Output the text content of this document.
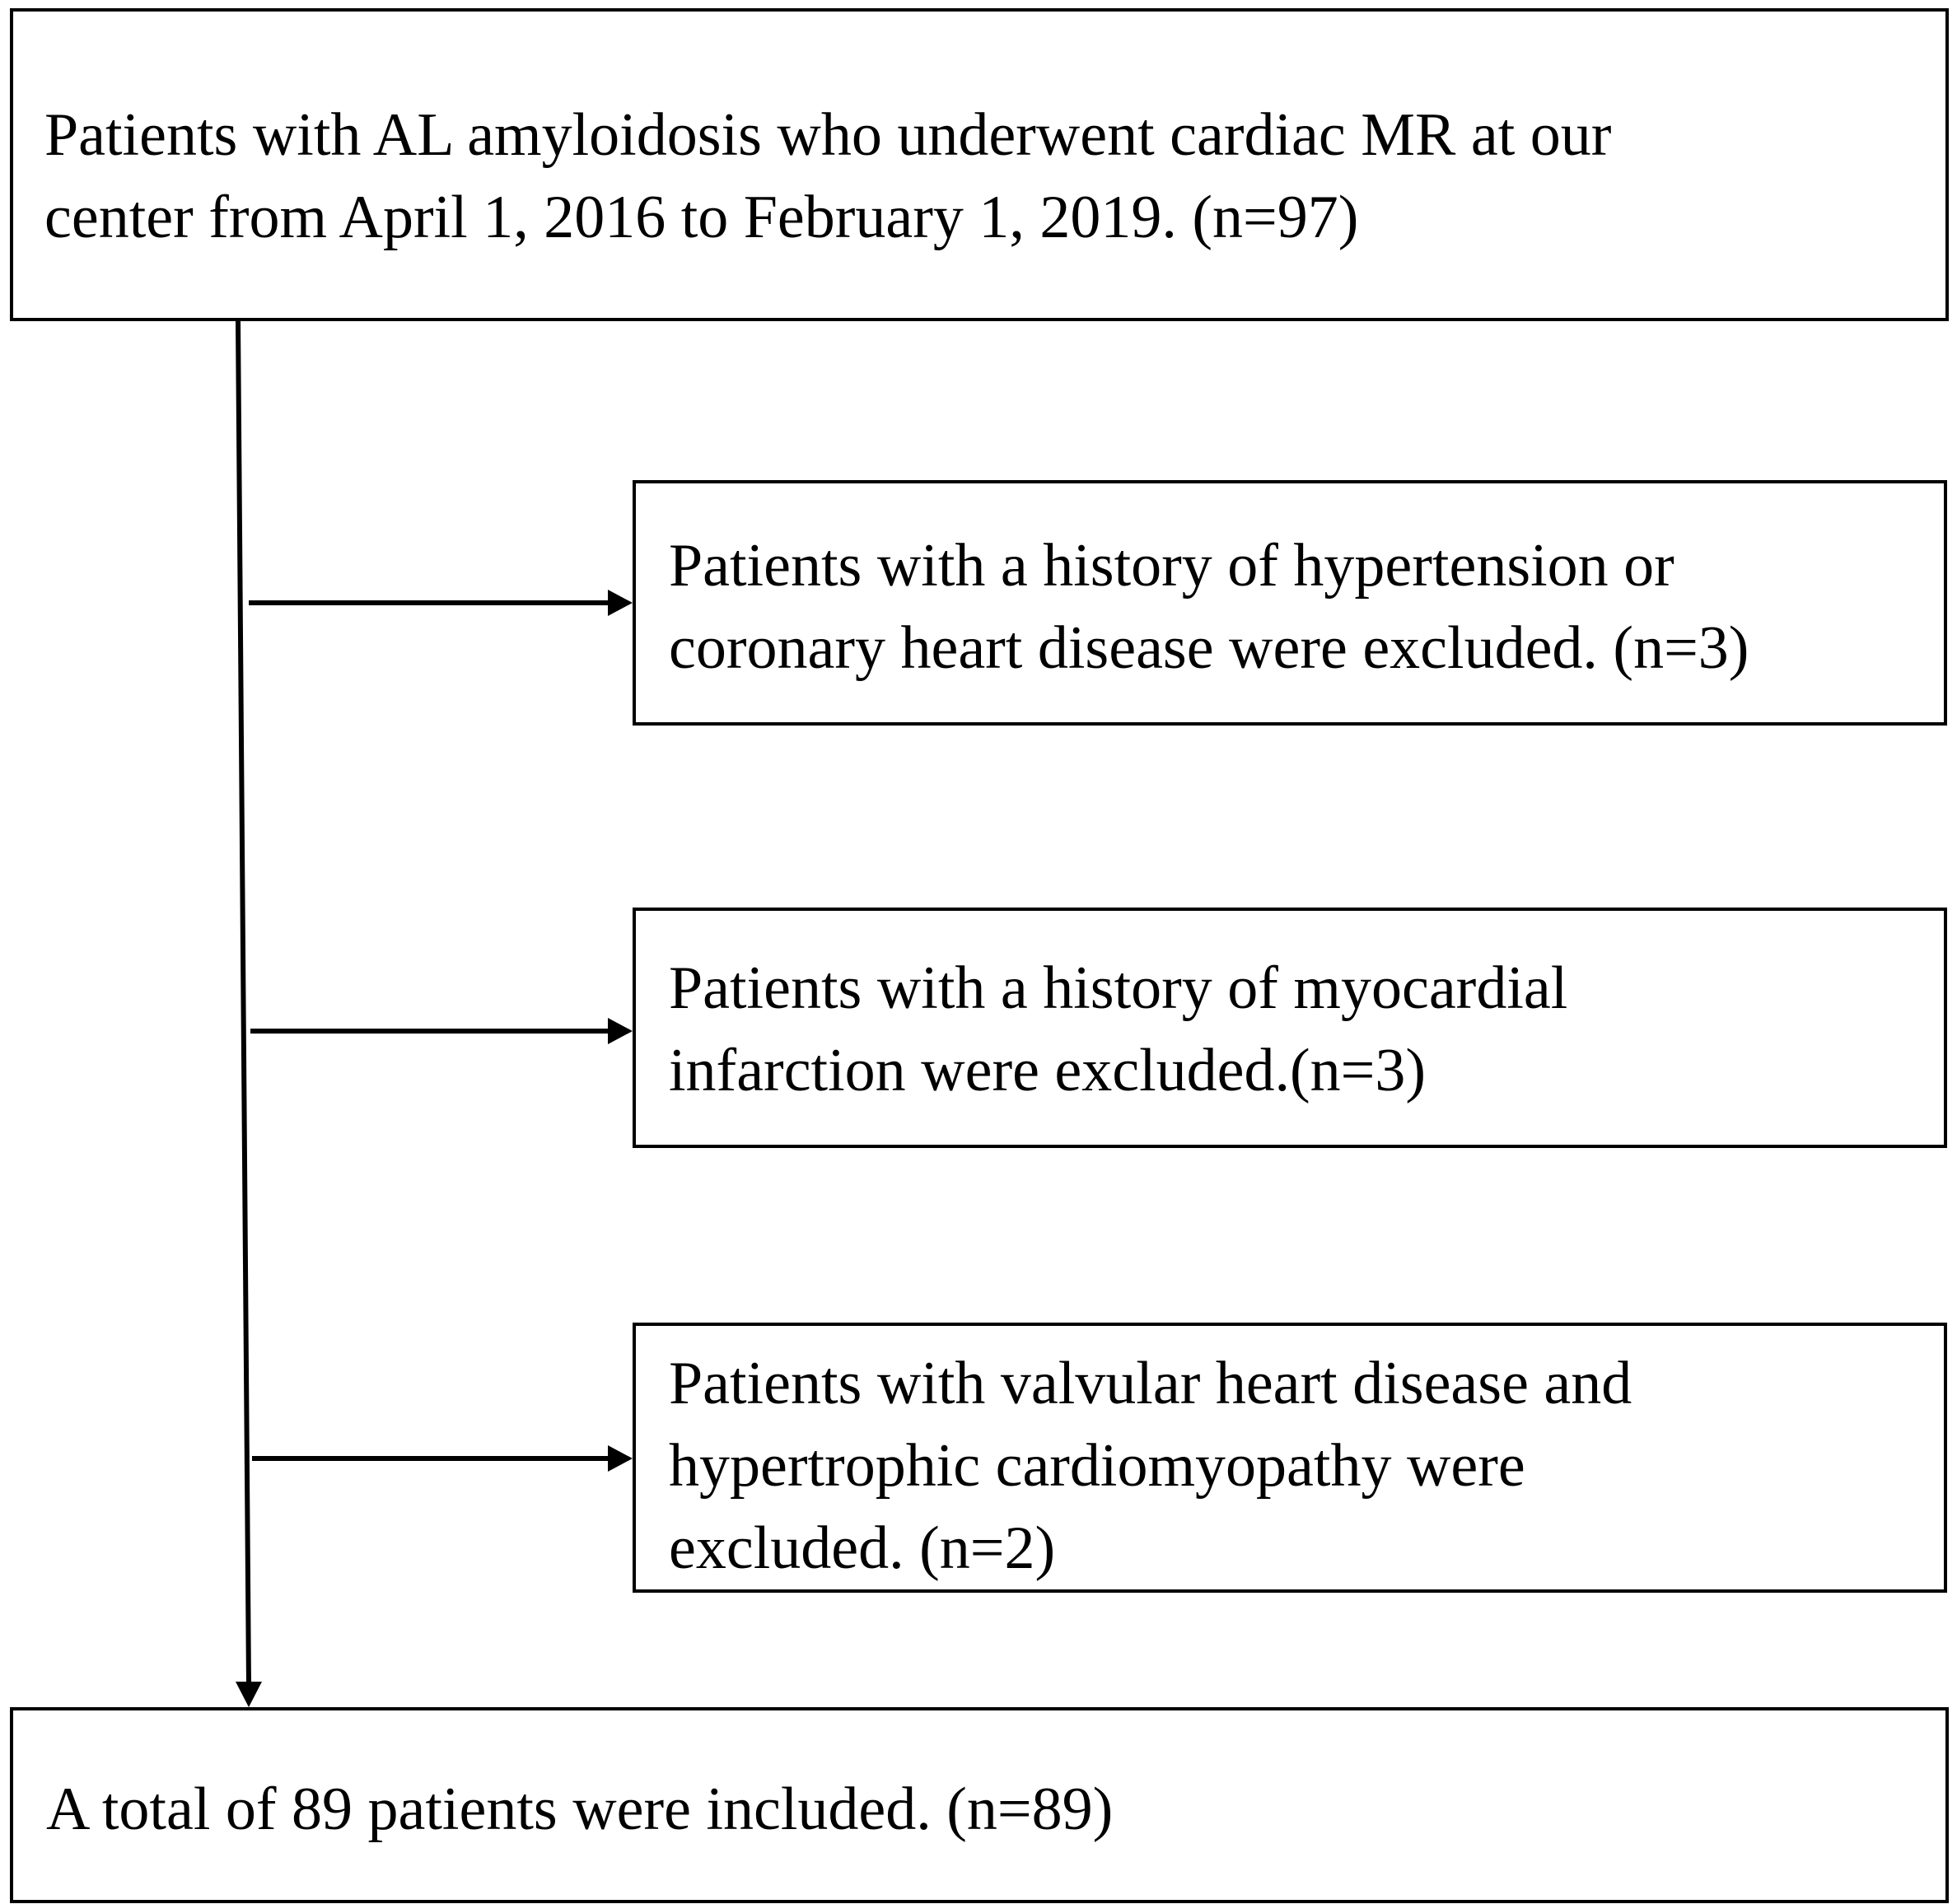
Patients with AL amyloidosis who underwent cardiac MR at our
center from April 1, 2016 to February 1, 2019. (n=97)
Patients with a history of hypertension or
coronary heart disease were excluded. (n=3)
Patients with a history of myocardial
infarction were excluded.(n=3)
Patients with valvular heart disease and
hypertrophic cardiomyopathy were
excluded. (n=2)
A total of 89 patients were included. (n=89)
